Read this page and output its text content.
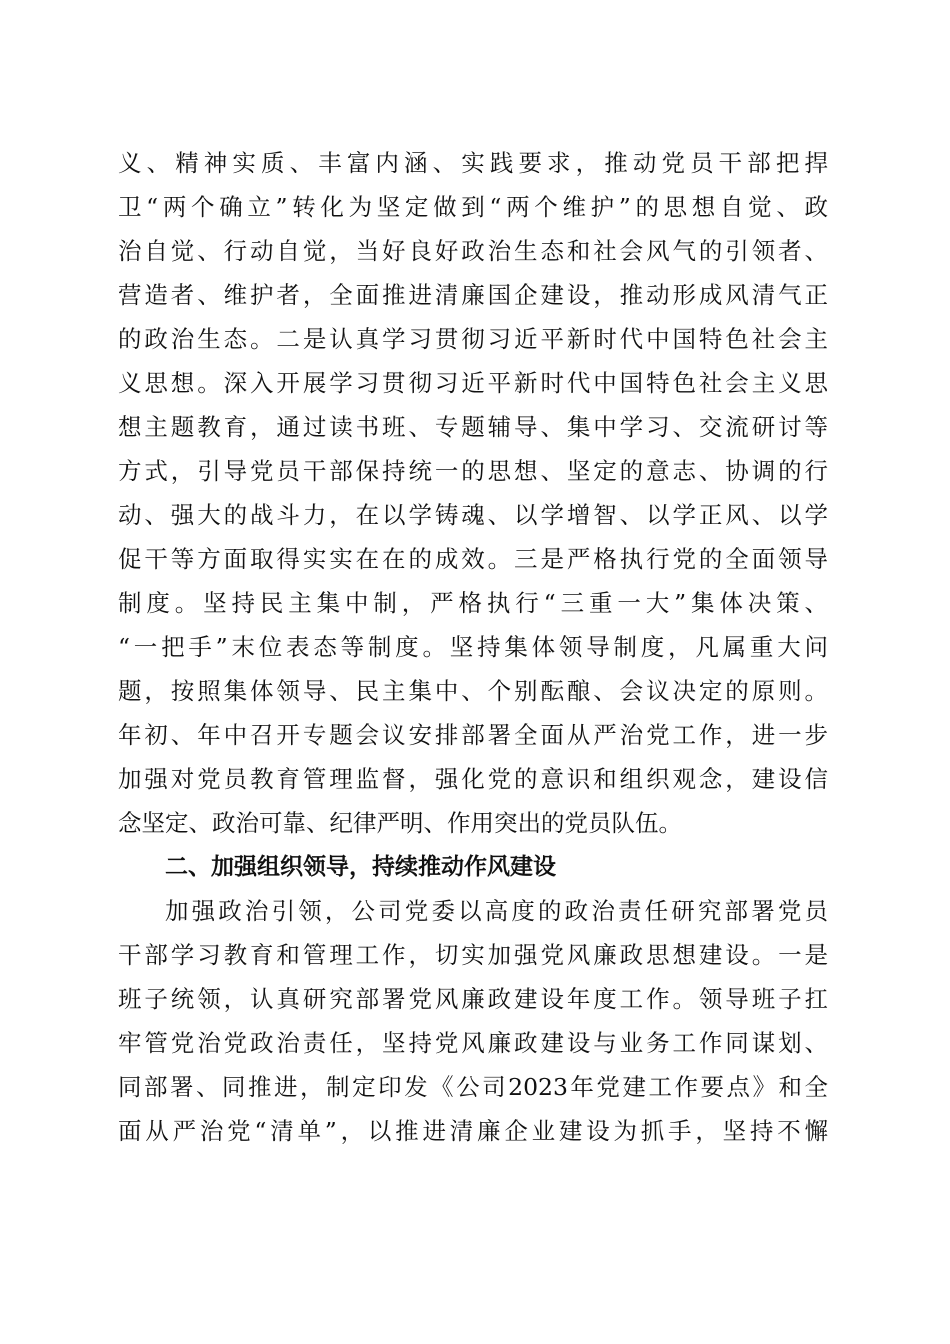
义、精神实质、丰富内涵、实践要求，推动党员干部把捍
卫“两个确立”转化为坚定做到“两个维护”的思想自觉、政
治自觉、行动自觉，当好良好政治生态和社会风气的引领者、
营造者、维护者，全面推进清廉国企建设，推动形成风清气正
的政治生态。二是认真学习贯彻习近平新时代中国特色社会主
义思想。深入开展学习贯彻习近平新时代中国特色社会主义思
想主题教育，通过读书班、专题辅导、集中学习、交流研讨等
方式，引导党员干部保持统一的思想、坚定的意志、协调的行
动、强大的战斗力，在以学铸魂、以学增智、以学正风、以学
促干等方面取得实实在在的成效。三是严格执行党的全面领导
制度。坚持民主集中制，严格执行“三重一大”集体决策、
“一把手”末位表态等制度。坚持集体领导制度，凡属重大问
题，按照集体领导、民主集中、个别酝酿、会议决定的原则。
年初、年中召开专题会议安排部署全面从严治党工作，进一步
加强对党员教育管理监督，强化党的意识和组织观念，建设信
念坚定、政治可靠、纪律严明、作用突出的党员队伍。
二、加强组织领导，持续推动作风建设
加强政治引领，公司党委以高度的政治责任研究部署党员
干部学习教育和管理工作，切实加强党风廉政思想建设。一是
班子统领，认真研究部署党风廉政建设年度工作。领导班子扛
牢管党治党政治责任，坚持党风廉政建设与业务工作同谋划、
同部署、同推进，制定印发《公司2023年党建工作要点》和全
面从严治党“清单”，以推进清廉企业建设为抓手，坚持不懈
